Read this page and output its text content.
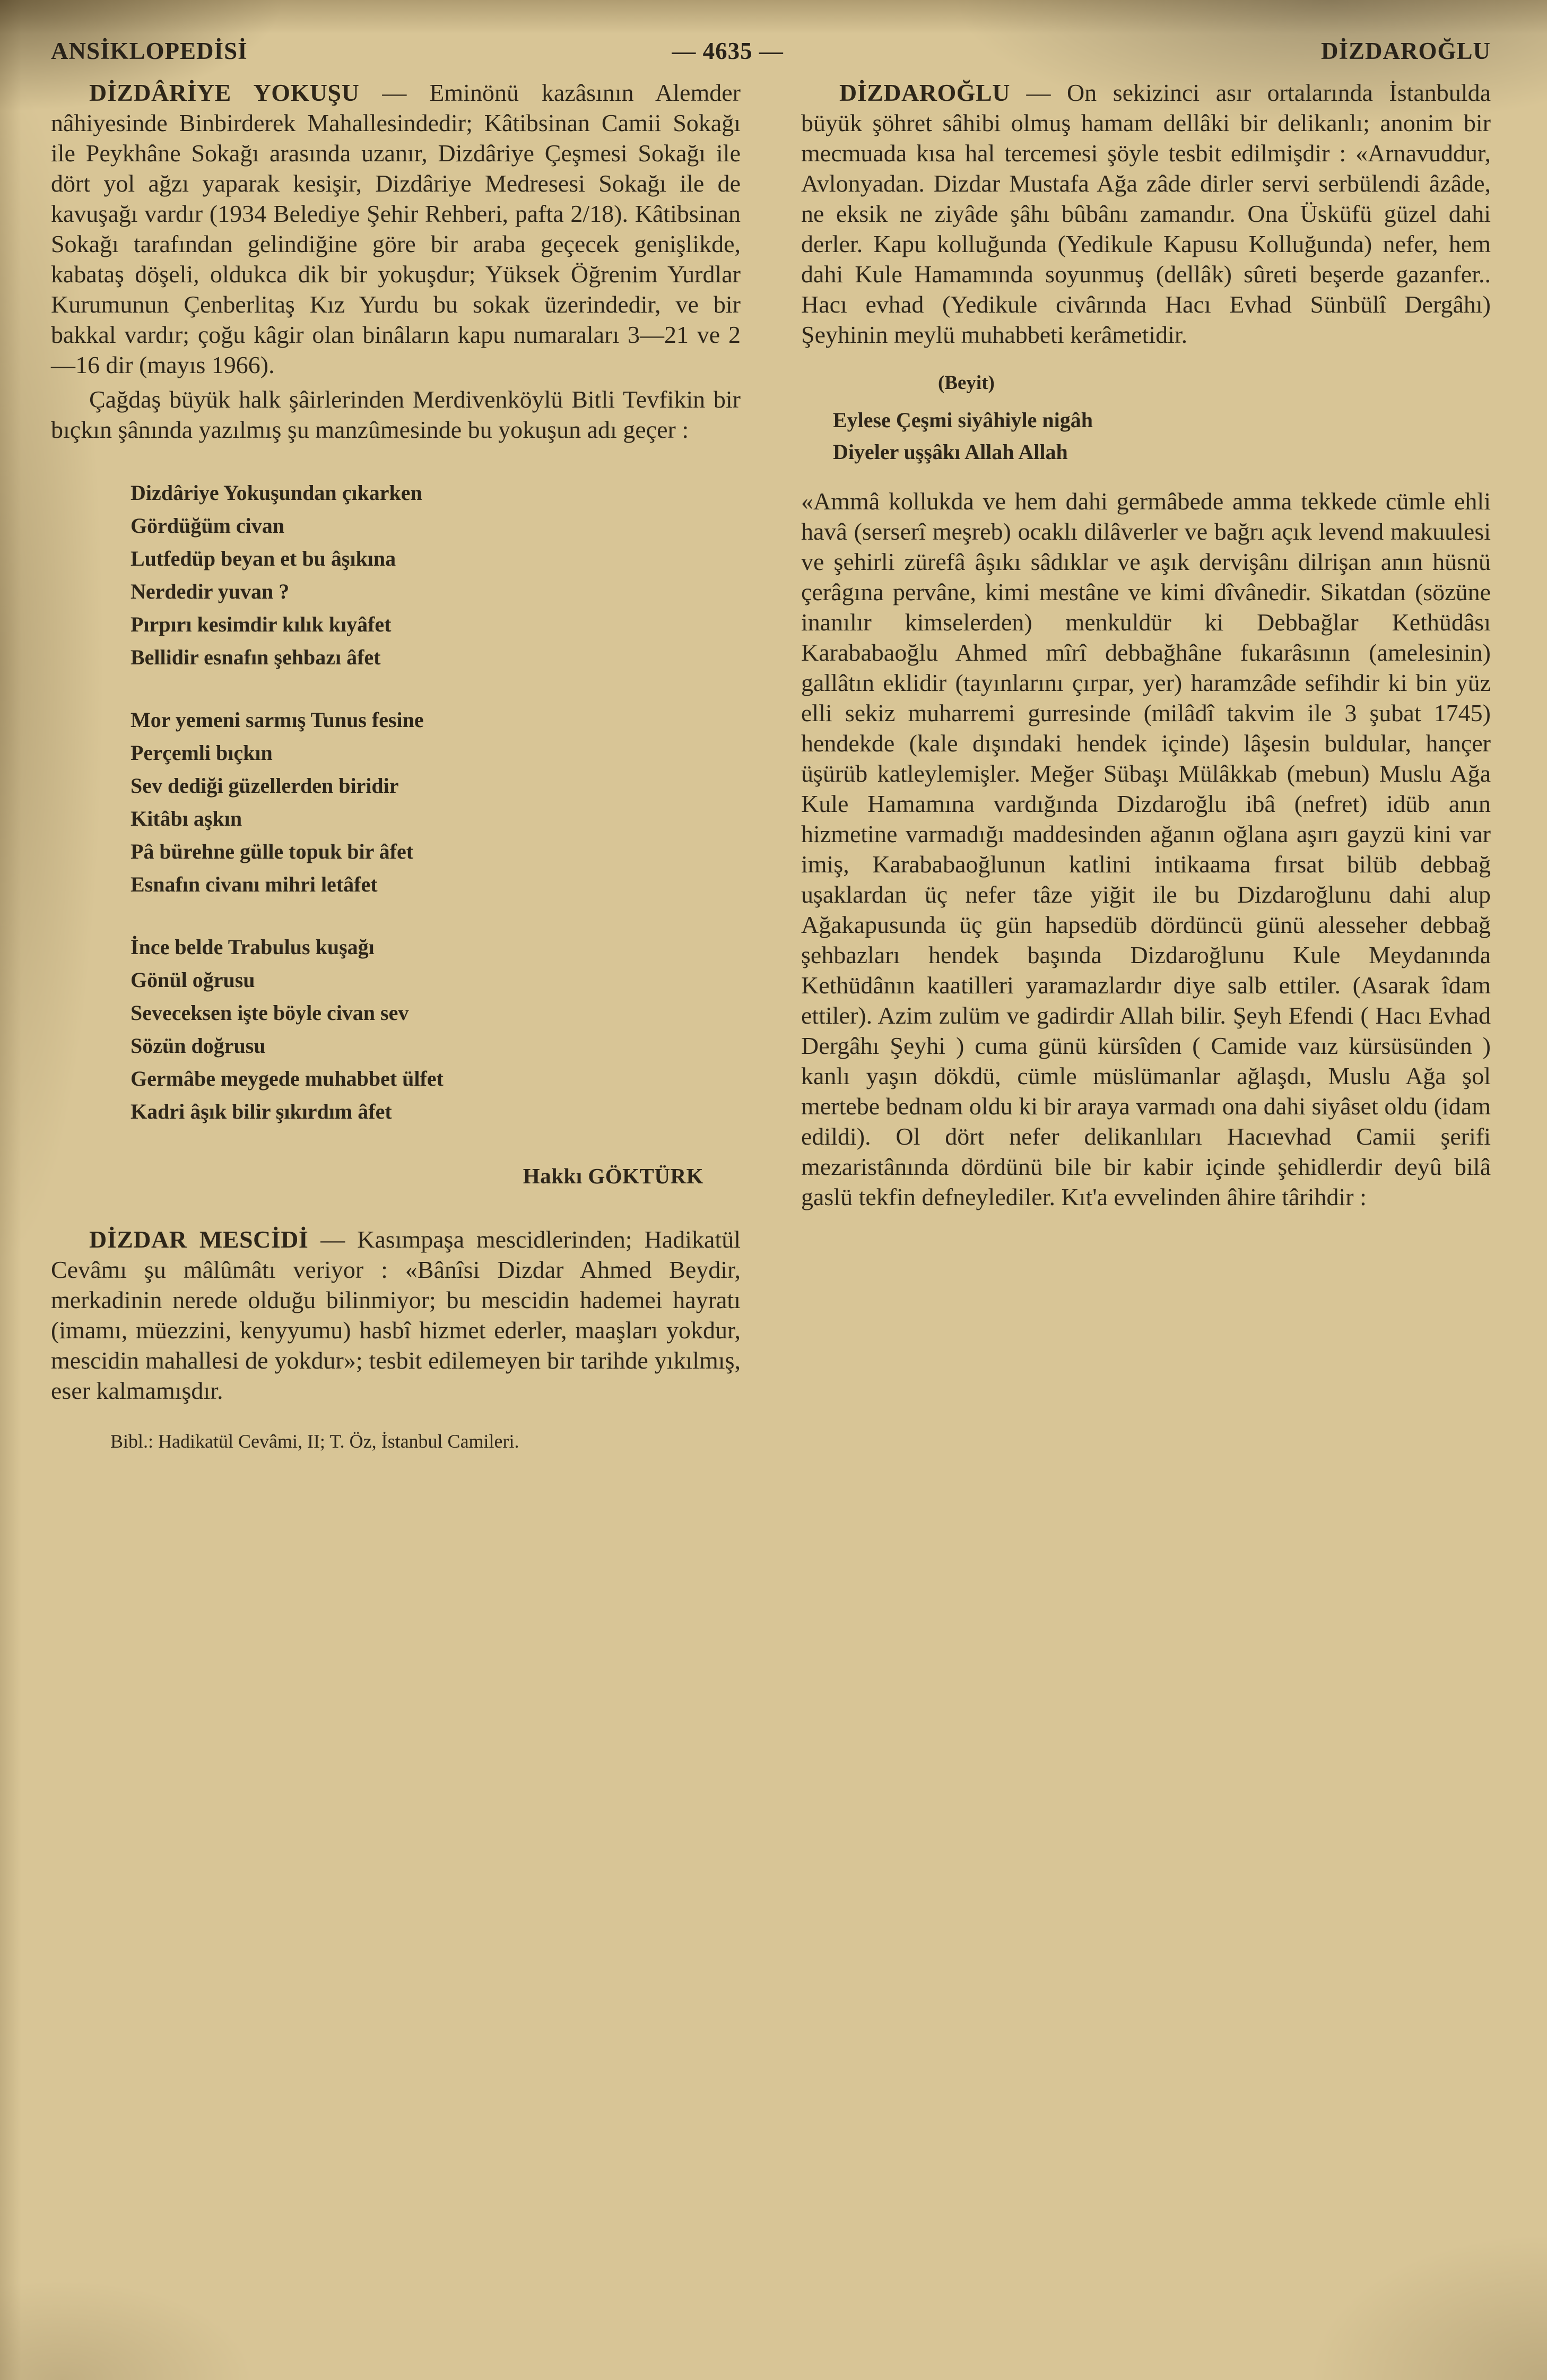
ANSİKLOPEDİSİ	— 4635 —	DİZDAROĞLU

DİZDÂRİYE YOKUŞU — Eminönü kazâsının Alemder nâhiyesinde Binbirderek Mahallesindedir; Kâtibsinan Camii Sokağı ile Peykhâne Sokağı arasında uzanır, Dizdâriye Çeşmesi Sokağı ile dört yol ağzı yaparak kesişir, Dizdâriye Medresesi Sokağı ile de kavuşağı vardır (1934 Belediye Şehir Rehberi, pafta 2/18). Kâtibsinan Sokağı tarafından gelindiğine göre bir araba geçecek genişlikde, kabataş döşeli, oldukca dik bir yokuşdur; Yüksek Öğrenim Yurdlar Kurumunun Çenberlitaş Kız Yurdu bu sokak üzerindedir, ve bir bakkal vardır; çoğu kâgir olan binâların kapu numaraları 3—21 ve 2—16 dir (mayıs 1966).

Çağdaş büyük halk şâirlerinden Merdivenköylü Bitli Tevfikin bir bıçkın şânında yazılmış şu manzûmesinde bu yokuşun adı geçer :

Dizdâriye Yokuşundan çıkarken
Gördüğüm civan
Lutfedüp beyan et bu âşıkına
Nerdedir yuvan ?
Pırpırı kesimdir kılık kıyâfet
Bellidir esnafın şehbazı âfet
Mor yemeni sarmış Tunus fesine
Perçemli bıçkın
Sev dediği güzellerden biridir
Kitâbı aşkın
Pâ bürehne gülle topuk bir âfet
Esnafın civanı mihri letâfet
İnce belde Trabulus kuşağı
Gönül oğrusu
Seveceksen işte böyle civan sev
Sözün doğrusu
Germâbe meygede muhabbet ülfet
Kadri âşık bilir şıkırdım âfet

Hakkı GÖKTÜRK

DİZDAR MESCİDİ — Kasımpaşa mescidlerinden; Hadikatül Cevâmı şu mâlûmâtı veriyor : «Bânîsi Dizdar Ahmed Beydir, merkadinin nerede olduğu bilinmiyor; bu mescidin hademei hayratı (imamı, müezzini, kenyyumu) hasbî hizmet ederler, maaşları yokdur, mescidin mahallesi de yokdur»; tesbit edilemeyen bir tarihde yıkılmış, eser kalmamışdır.

Bibl.: Hadikatül Cevâmi, II; T. Öz, İstanbul Camileri.

DİZDAROĞLU — On sekizinci asır ortalarında İstanbulda büyük şöhret sâhibi olmuş hamam dellâki bir delikanlı; anonim bir mecmuada kısa hal tercemesi şöyle tesbit edilmişdir : «Arnavuddur, Avlonyadan. Dizdar Mustafa Ağa zâde dirler servi serbülendi âzâde, ne eksik ne ziyâde şâhı bûbânı zamandır. Ona Üsküfü güzel dahi derler. Kapu kolluğunda (Yedikule Kapusu Kolluğunda) nefer, hem dahi Kule Hamamında soyunmuş (dellâk) sûreti beşerde gazanfer.. Hacı evhad (Yedikule civârında Hacı Evhad Sünbülî Dergâhı) Şeyhinin meylü muhabbeti kerâmetidir.

(Beyit)

Eylese Çeşmi siyâhiyle nigâh
Diyeler uşşâkı Allah Allah

«Ammâ kollukda ve hem dahi germâbede amma tekkede cümle ehli havâ (serserî meşreb) ocaklı dilâverler ve bağrı açık levend makuulesi ve şehirli zürefâ âşıkı sâdıklar ve aşık dervişânı dilrişan anın hüsnü çerâgına pervâne, kimi mestâne ve kimi dîvânedir. Sikatdan (sözüne inanılır kimselerden) menkuldür ki Debbağlar Kethüdâsı Karababaoğlu Ahmed mîrî debbağhâne fukarâsının (amelesinin) gallâtın eklidir (tayınlarını çırpar, yer) haramzâde sefihdir ki bin yüz elli sekiz muharremi gurresinde (milâdî takvim ile 3 şubat 1745) hendekde (kale dışındaki hendek içinde) lâşesin buldular, hançer üşürüb katleylemişler. Meğer Sübaşı Mülâkkab (mebun) Muslu Ağa Kule Hamamına vardığında Dizdaroğlu ibâ (nefret) idüb anın hizmetine varmadığı maddesinden ağanın oğlana aşırı gayzü kini var imiş, Karababaoğlunun katlini intikaama fırsat bilüb debbağ uşaklardan üç nefer tâze yiğit ile bu Dizdaroğlunu dahi alup Ağakapusunda üç gün hapsedüb dördüncü günü alesseher debbağ şehbazları hendek başında Dizdaroğlunu Kule Meydanında Kethüdânın kaatilleri yaramazlardır diye salb ettiler. (Asarak îdam ettiler). Azim zulüm ve gadirdir Allah bilir. Şeyh Efendi ( Hacı Evhad Dergâhı Şeyhi ) cuma günü kürsîden ( Camide vaız kürsüsünden ) kanlı yaşın dökdü, cümle müslümanlar ağlaşdı, Muslu Ağa şol mertebe bednam oldu ki bir araya varmadı ona dahi siyâset oldu (idam edildi). Ol dört nefer delikanlıları Hacıevhad Camii şerifi mezaristânında dördünü bile bir kabir içinde şehidlerdir deyû bilâ gaslü tekfin defneylediler. Kıt'a evvelinden âhire târihdir :
